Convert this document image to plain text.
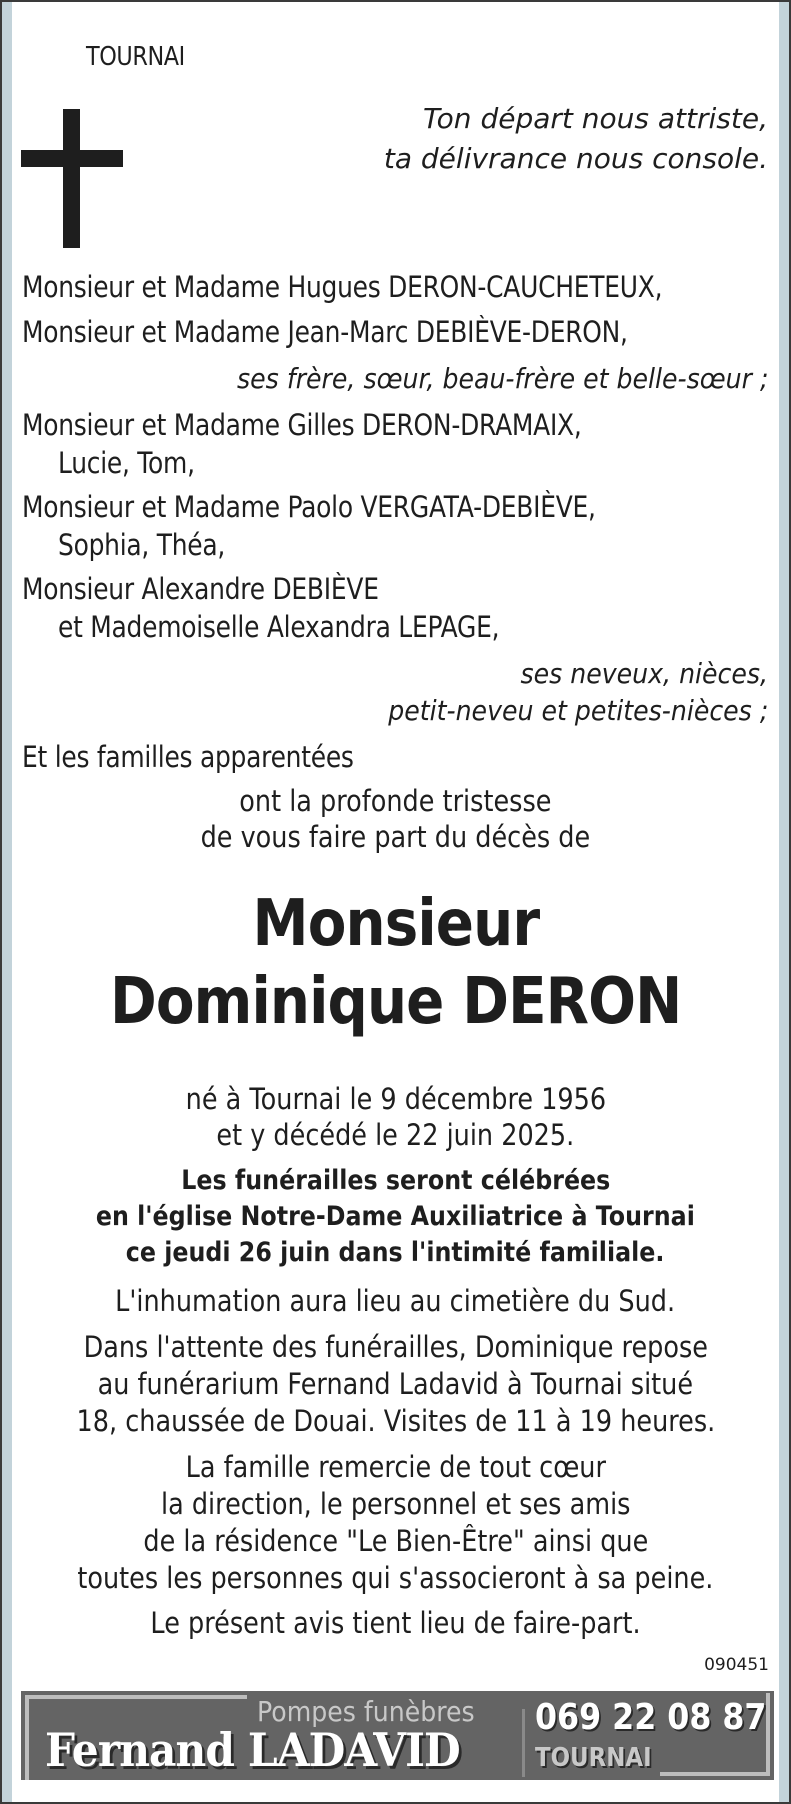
TOURNAI
Ton départ nous attriste,
ta délivrance nous console.
Monsieur et Madame Hugues DERON-CAUCHETEUX,
Monsieur et Madame Jean-Marc DEBIÈVE-DERON,
ses frère, sœur, beau-frère et belle-sœur ;
Monsieur et Madame Gilles DERON-DRAMAIX,
Lucie, Tom,
Monsieur et Madame Paolo VERGATA-DEBIÈVE,
Sophia, Théa,
Monsieur Alexandre DEBIÈVE
et Mademoiselle Alexandra LEPAGE,
ses neveux, nièces,
petit-neveu et petites-nièces ;
Et les familles apparentées
ont la profonde tristesse
de vous faire part du décès de
Monsieur
Dominique DERON
né à Tournai le 9 décembre 1956
et y décédé le 22 juin 2025.
Les funérailles seront célébrées
en l'église Notre-Dame Auxiliatrice à Tournai
ce jeudi 26 juin dans l'intimité familiale.
L'inhumation aura lieu au cimetière du Sud.
Dans l'attente des funérailles, Dominique repose
au funérarium Fernand Ladavid à Tournai situé
18, chaussée de Douai. Visites de 11 à 19 heures.
La famille remercie de tout cœur
la direction, le personnel et ses amis
de la résidence "Le Bien-Être" ainsi que
toutes les personnes qui s'associeront à sa peine.
Le présent avis tient lieu de faire-part.
090451
Pompes funèbres
Fernand LADAVID
069 22 08 87
TOURNAI
